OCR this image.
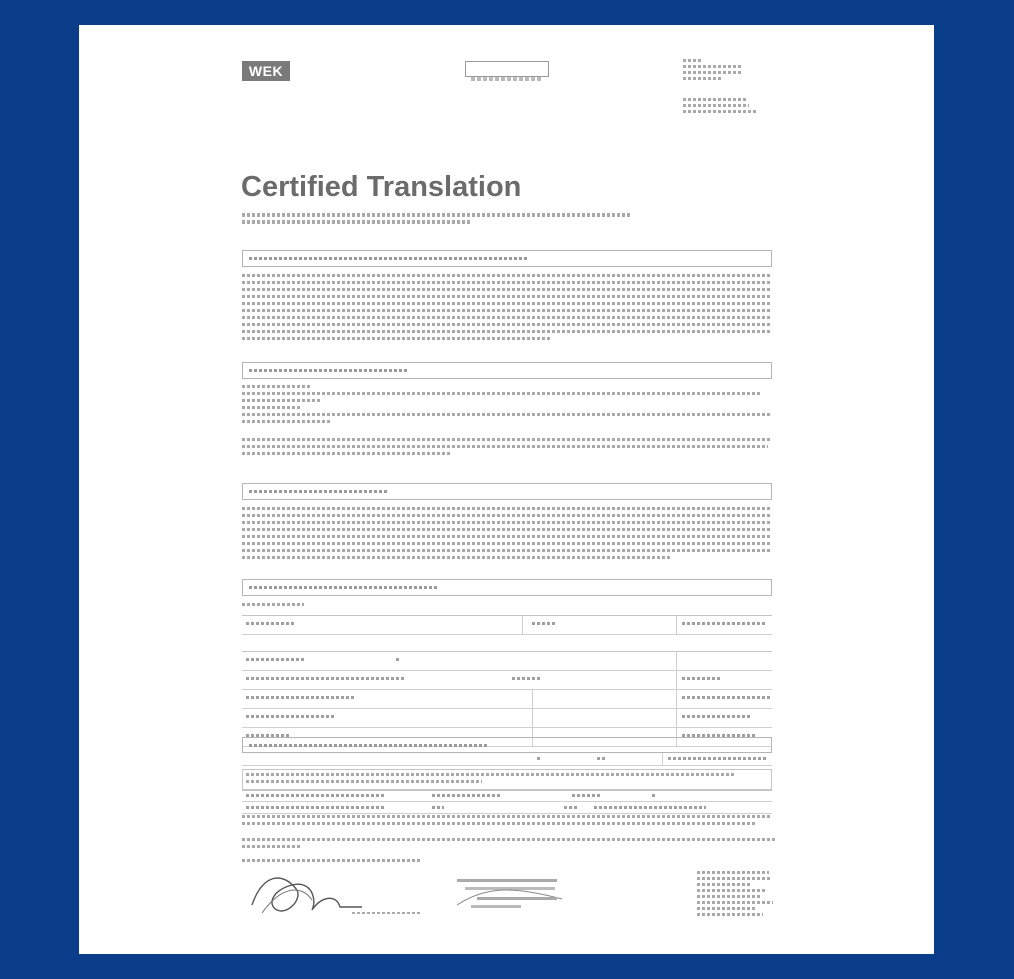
WEK
Certified Translation
